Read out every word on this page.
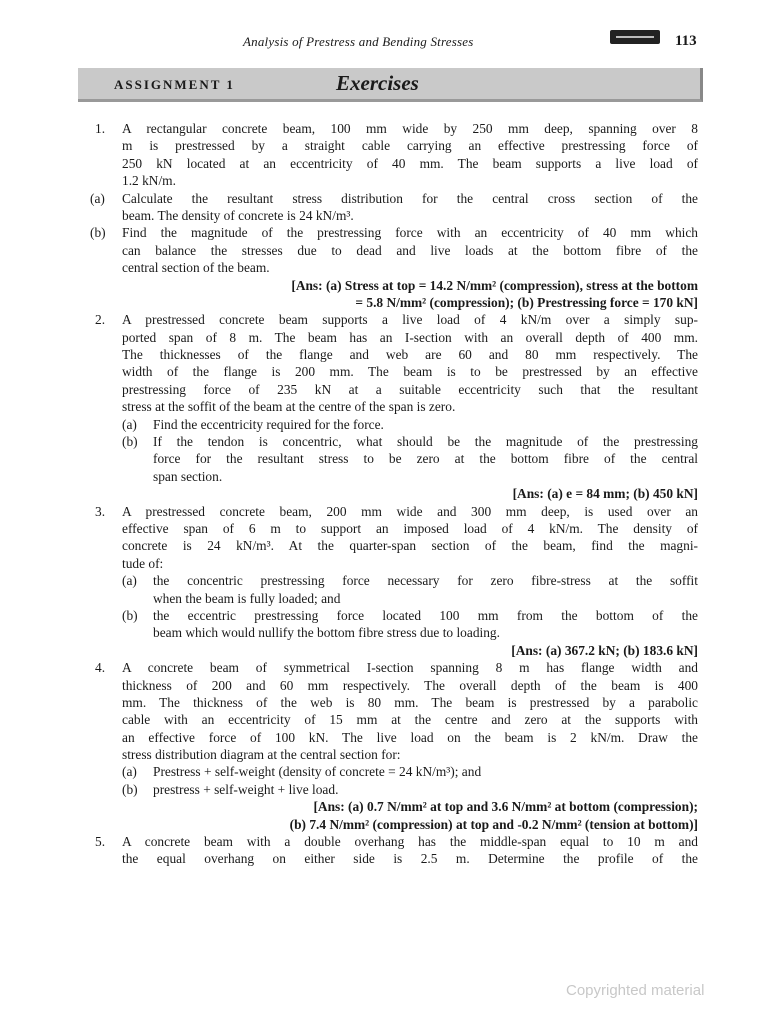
Analysis of Prestress and Bending Stresses	113
ASSIGNMENT 1	Exercises
1. A rectangular concrete beam, 100 mm wide by 250 mm deep, spanning over 8
m is prestressed by a straight cable carrying an effective prestressing force of
250 kN located at an eccentricity of 40 mm. The beam supports a live load of
1.2 kN/m.
(a) Calculate the resultant stress distribution for the central cross section of the
beam. The density of concrete is 24 kN/m³.
(b) Find the magnitude of the prestressing force with an eccentricity of 40 mm which
can balance the stresses due to dead and live loads at the bottom fibre of the
central section of the beam.
[Ans: (a) Stress at top = 14.2 N/mm² (compression), stress at the bottom
= 5.8 N/mm² (compression); (b) Prestressing force = 170 kN]
2. A prestressed concrete beam supports a live load of 4 kN/m over a simply sup-
ported span of 8 m. The beam has an I-section with an overall depth of 400 mm.
The thicknesses of the flange and web are 60 and 80 mm respectively. The
width of the flange is 200 mm. The beam is to be prestressed by an effective
prestressing force of 235 kN at a suitable eccentricity such that the resultant
stress at the soffit of the beam at the centre of the span is zero.
(a) Find the eccentricity required for the force.
(b) If the tendon is concentric, what should be the magnitude of the prestressing
force for the resultant stress to be zero at the bottom fibre of the central
span section.
[Ans: (a) e = 84 mm; (b) 450 kN]
3. A prestressed concrete beam, 200 mm wide and 300 mm deep, is used over an
effective span of 6 m to support an imposed load of 4 kN/m. The density of
concrete is 24 kN/m³. At the quarter-span section of the beam, find the magni-
tude of:
(a) the concentric prestressing force necessary for zero fibre-stress at the soffit
when the beam is fully loaded; and
(b) the eccentric prestressing force located 100 mm from the bottom of the
beam which would nullify the bottom fibre stress due to loading.
[Ans: (a) 367.2 kN; (b) 183.6 kN]
4. A concrete beam of symmetrical I-section spanning 8 m has flange width and
thickness of 200 and 60 mm respectively. The overall depth of the beam is 400
mm. The thickness of the web is 80 mm. The beam is prestressed by a parabolic
cable with an eccentricity of 15 mm at the centre and zero at the supports with
an effective force of 100 kN. The live load on the beam is 2 kN/m. Draw the
stress distribution diagram at the central section for:
(a) Prestress + self-weight (density of concrete = 24 kN/m³); and
(b) prestress + self-weight + live load.
[Ans: (a) 0.7 N/mm² at top and 3.6 N/mm² at bottom (compression);
(b) 7.4 N/mm² (compression) at top and -0.2 N/mm² (tension at bottom)]
5. A concrete beam with a double overhang has the middle-span equal to 10 m and
the equal overhang on either side is 2.5 m. Determine the profile of the
Copyrighted material
